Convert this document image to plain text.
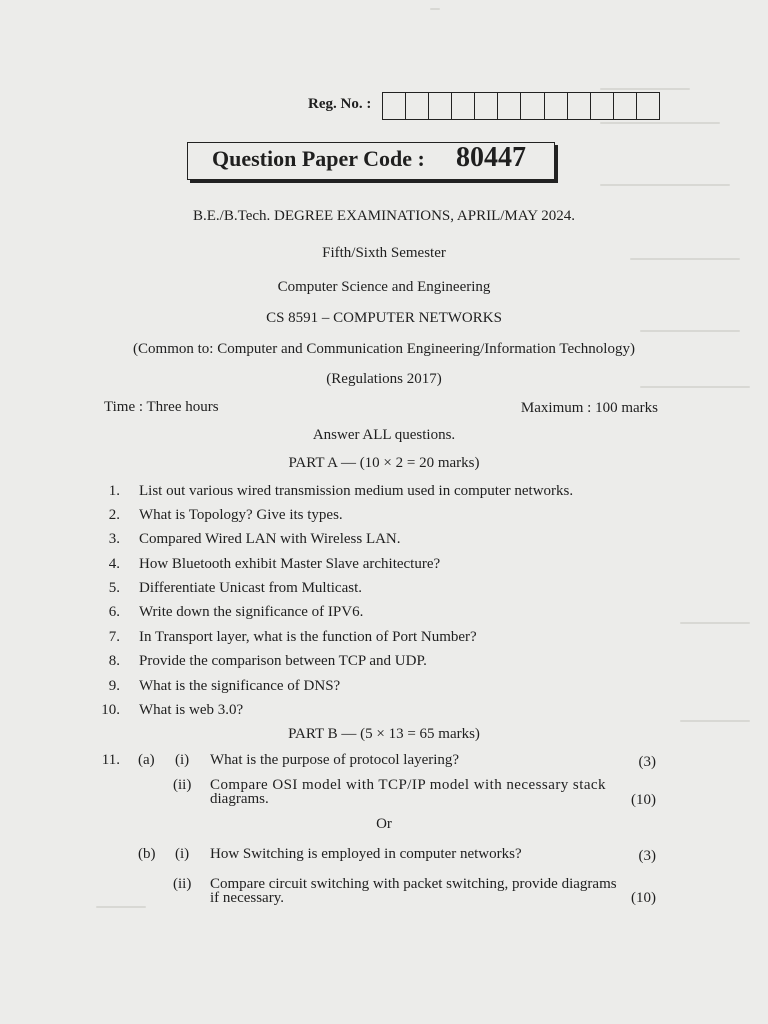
Reg. No. :
Question Paper Code : 80447
B.E./B.Tech. DEGREE EXAMINATIONS, APRIL/MAY 2024.
Fifth/Sixth Semester
Computer Science and Engineering
CS 8591 – COMPUTER NETWORKS
(Common to: Computer and Communication Engineering/Information Technology)
(Regulations 2017)
Time : Three hours	Maximum : 100 marks
Answer ALL questions.
PART A — (10 × 2 = 20 marks)
1. List out various wired transmission medium used in computer networks.
2. What is Topology? Give its types.
3. Compared Wired LAN with Wireless LAN.
4. How Bluetooth exhibit Master Slave architecture?
5. Differentiate Unicast from Multicast.
6. Write down the significance of IPV6.
7. In Transport layer, what is the function of Port Number?
8. Provide the comparison between TCP and UDP.
9. What is the significance of DNS?
10. What is web 3.0?
PART B — (5 × 13 = 65 marks)
11. (a) (i) What is the purpose of protocol layering?	(3)
(ii) Compare OSI model with TCP/IP model with necessary stack
diagrams.	(10)
Or
(b) (i) How Switching is employed in computer networks?	(3)
(ii) Compare circuit switching with packet switching, provide diagrams
if necessary.	(10)
